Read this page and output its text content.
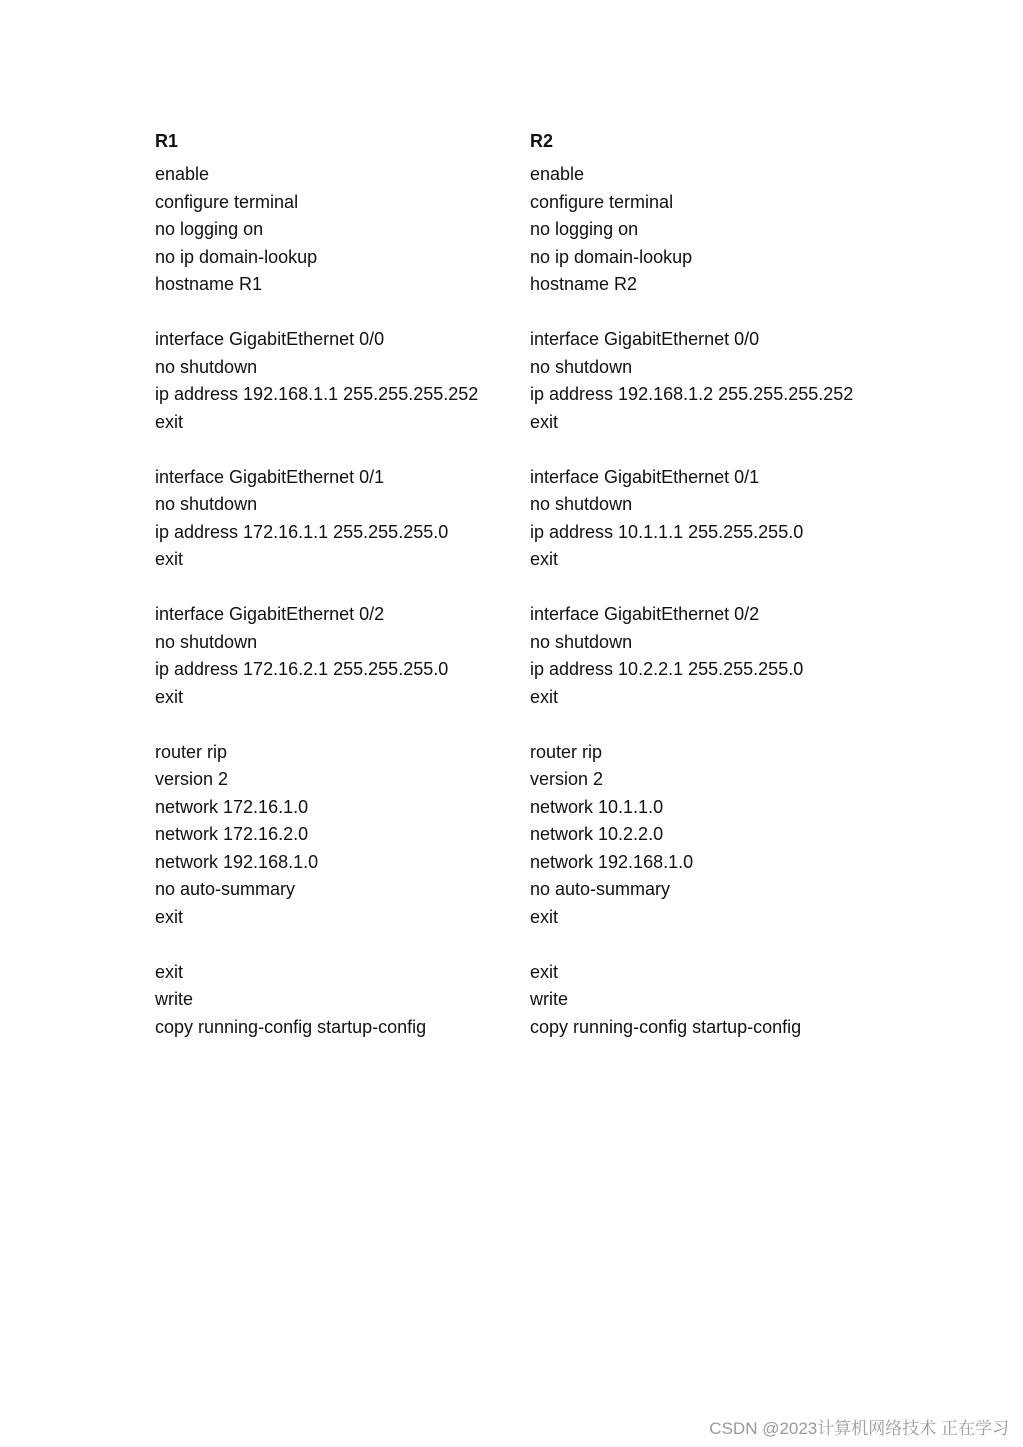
R1
enable
configure terminal
no logging on
no ip domain-lookup
hostname R1
interface GigabitEthernet 0/0
no shutdown
ip address 192.168.1.1 255.255.255.252
exit
interface GigabitEthernet 0/1
no shutdown
ip address 172.16.1.1 255.255.255.0
exit
interface GigabitEthernet 0/2
no shutdown
ip address 172.16.2.1 255.255.255.0
exit
router rip
version 2
network 172.16.1.0
network 172.16.2.0
network 192.168.1.0
no auto-summary
exit
exit
write
copy running-config startup-config
R2
enable
configure terminal
no logging on
no ip domain-lookup
hostname R2
interface GigabitEthernet 0/0
no shutdown
ip address 192.168.1.2 255.255.255.252
exit
interface GigabitEthernet 0/1
no shutdown
ip address 10.1.1.1 255.255.255.0
exit
interface GigabitEthernet 0/2
no shutdown
ip address 10.2.2.1 255.255.255.0
exit
router rip
version 2
network 10.1.1.0
network 10.2.2.0
network 192.168.1.0
no auto-summary
exit
exit
write
copy running-config startup-config
CSDN @2023计算机网络技术 正在学习
